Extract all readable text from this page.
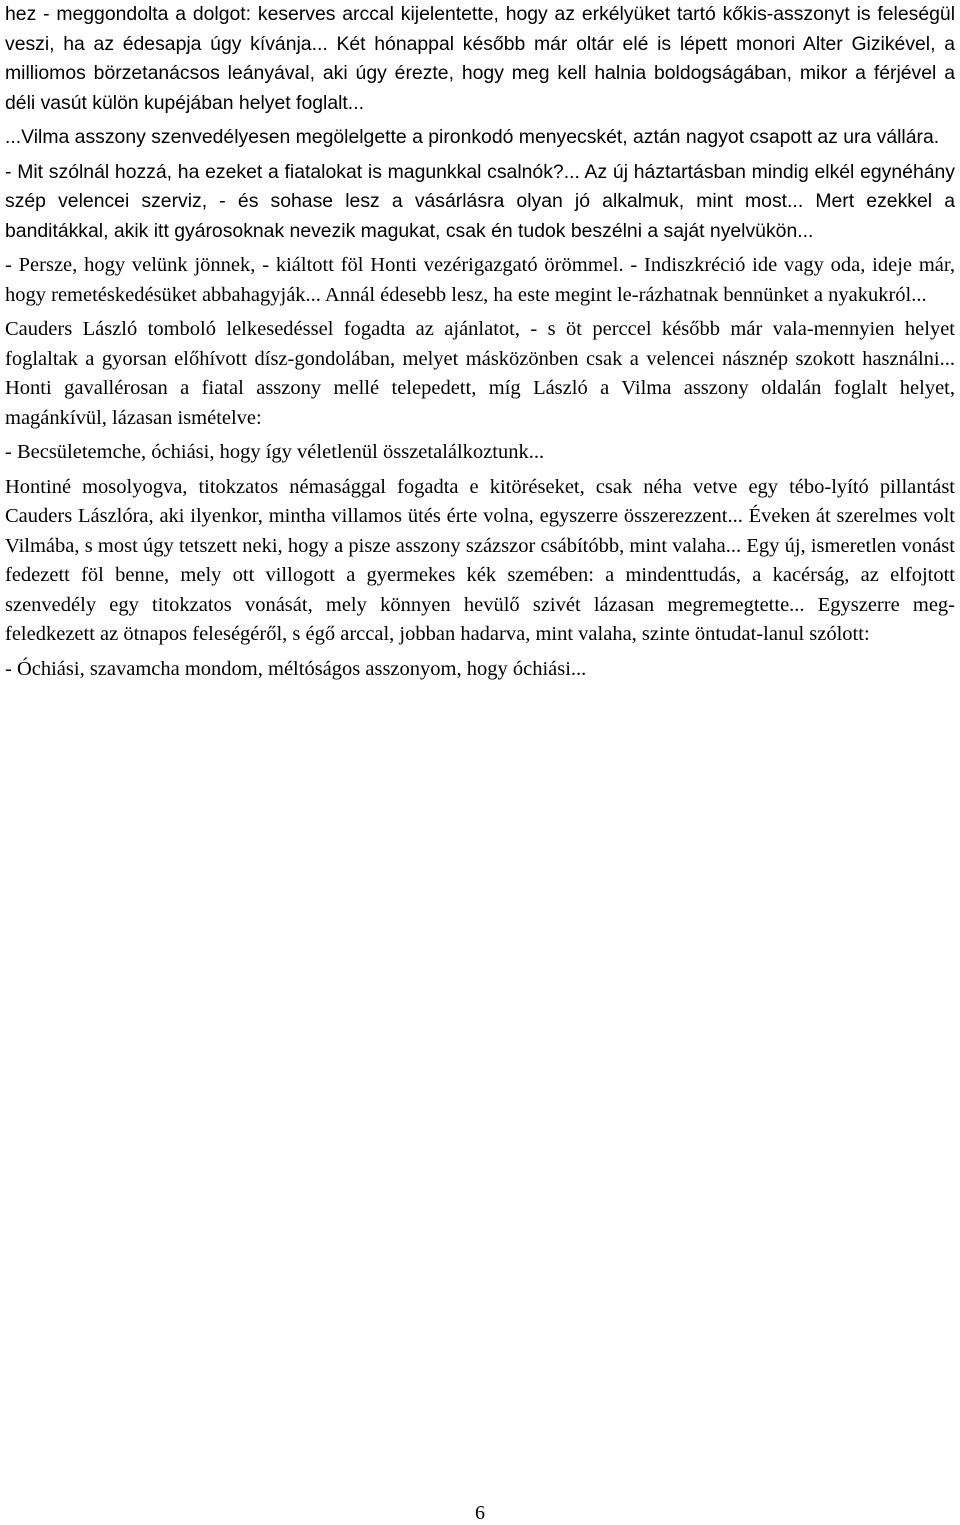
hez - meggondolta a dolgot: keserves arccal kijelentette, hogy az erkélyüket tartó kőkis-asszonyt is feleségül veszi, ha az édesapja úgy kívánja... Két hónappal később már oltár elé is lépett monori Alter Gizikével, a milliomos börzetanácsos leányával, aki úgy érezte, hogy meg kell halnia boldogságában, mikor a férjével a déli vasút külön kupéjában helyet foglalt...

...Vilma asszony szenvedélyesen megölelgette a pironkodó menyecskét, aztán nagyot csapott az ura vállára.

- Mit szólnál hozzá, ha ezeket a fiatalokat is magunkkal csalnók?... Az új háztartásban mindig elkél egynéhány szép velencei szerviz, - és sohase lesz a vásárlásra olyan jó alkalmuk, mint most... Mert ezekkel a banditákkal, akik itt gyárosoknak nevezik magukat, csak én tudok beszélni a saját nyelvükön...

- Persze, hogy velünk jönnek, - kiáltott föl Honti vezérigazgató örömmel. - Indiszkréció ide vagy oda, ideje már, hogy remetéskedésüket abbahagyják... Annál édesebb lesz, ha este megint le-rázhatnak bennünket a nyakukról...

Cauders László tomboló lelkesedéssel fogadta az ajánlatot, - s öt perccel később már vala-mennyien helyet foglaltak a gyorsan előhívott dísz-gondolában, melyet másközönben csak a velencei násznép szokott használni... Honti gavallérosan a fiatal asszony mellé telepedett, míg László a Vilma asszony oldalán foglalt helyet, magánkívül, lázasan ismételve:

- Becsületemche, óchiási, hogy így véletlenül összetalálkoztunk...

Hontiné mosolyogva, titokzatos némasággal fogadta e kitöréseket, csak néha vetve egy tébo-lyító pillantást Cauders Lászlóra, aki ilyenkor, mintha villamos ütés érte volna, egyszerre összerezzent... Éveken át szerelmes volt Vilmába, s most úgy tetszett neki, hogy a pisze asszony százszor csábítóbb, mint valaha... Egy új, ismeretlen vonást fedezett föl benne, mely ott villogott a gyermekes kék szemében: a mindenttudás, a kacérság, az elfojtott szenvedély egy titokzatos vonását, mely könnyen hevülő szivét lázasan megremegtette... Egyszerre meg-feledkezett az ötnapos feleségéről, s égő arccal, jobban hadarva, mint valaha, szinte öntudat-lanul szólott:

- Óchiási, szavamcha mondom, méltóságos asszonyom, hogy óchiási...

6
